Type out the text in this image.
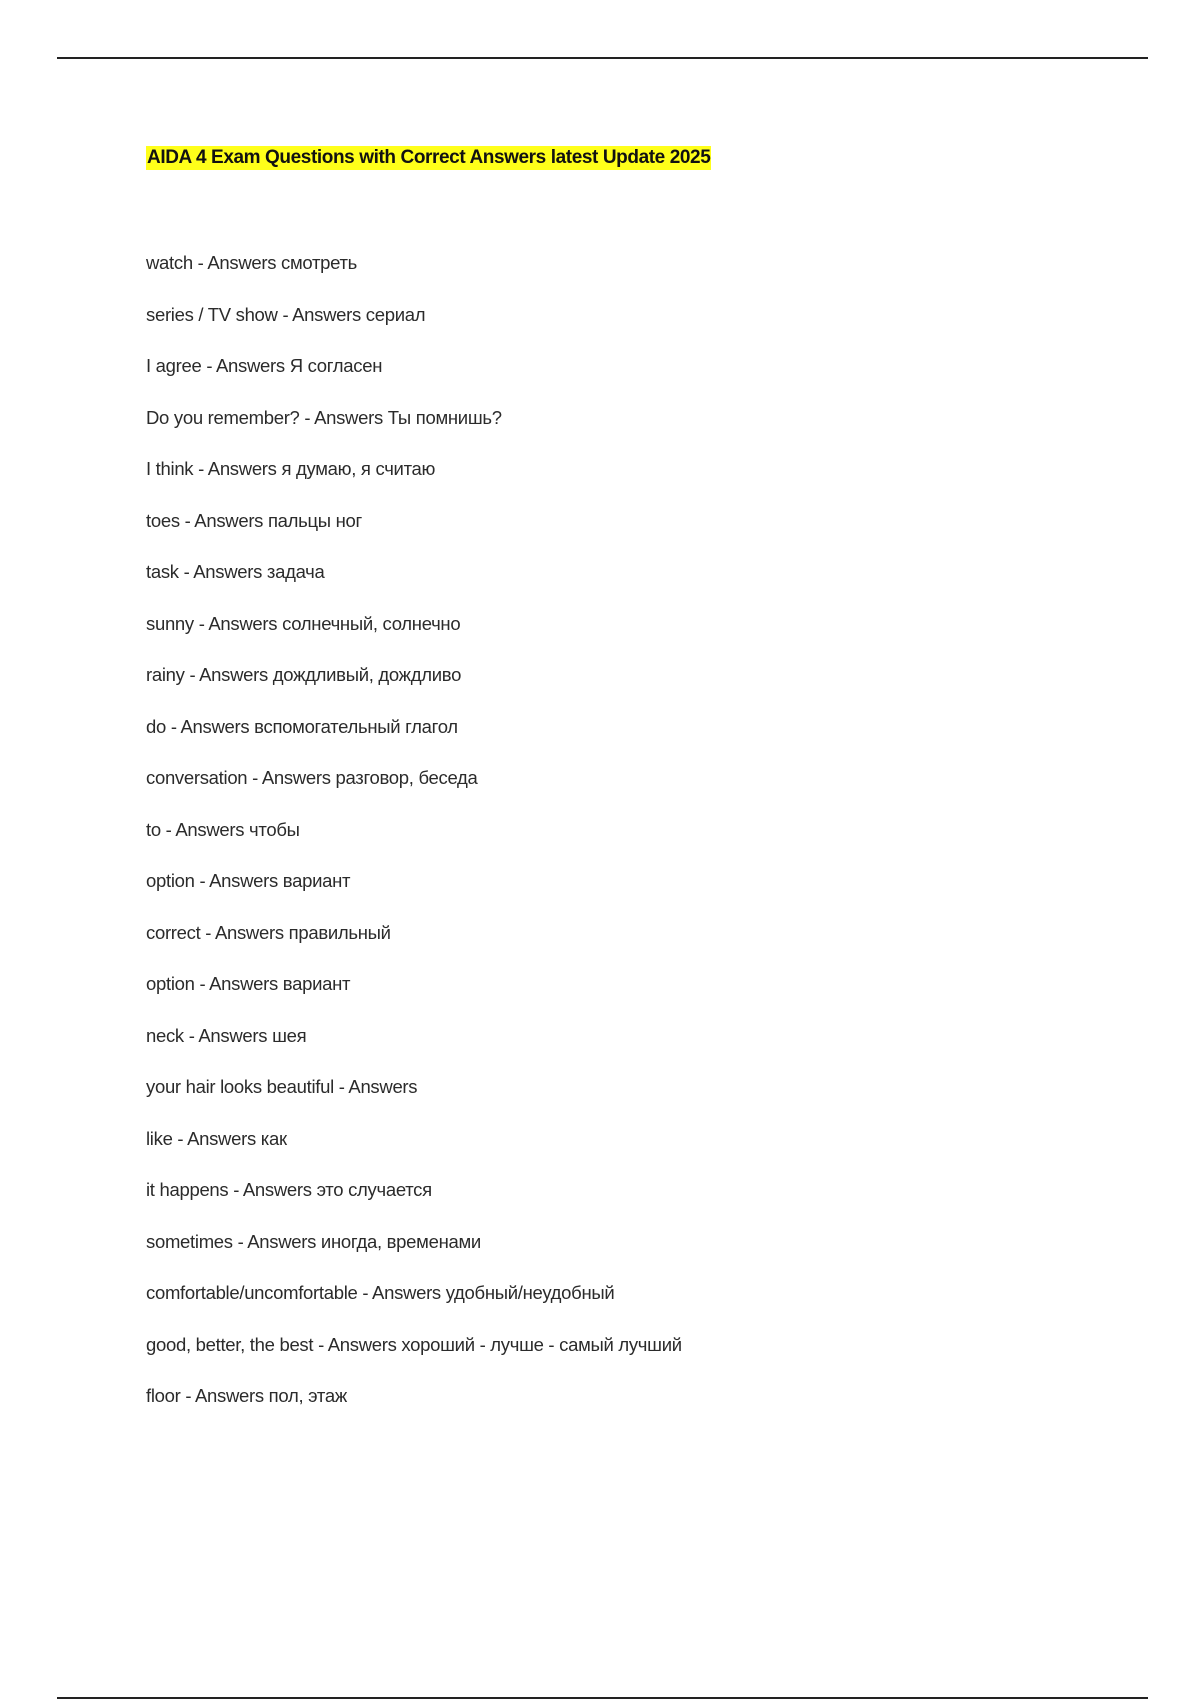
AIDA 4 Exam Questions with Correct Answers latest Update 2025
watch - Answers смотреть
series / TV show - Answers сериал
I agree - Answers Я согласен
Do you remember? - Answers Ты помнишь?
I think - Answers я думаю, я считаю
toes - Answers пальцы ног
task - Answers задача
sunny - Answers солнечный, солнечно
rainy - Answers дождливый, дождливо
do - Answers вспомогательный глагол
conversation - Answers разговор, беседа
to - Answers чтобы
option - Answers вариант
correct - Answers правильный
option - Answers вариант
neck - Answers шея
your hair looks beautiful - Answers
like - Answers как
it happens - Answers это случается
sometimes - Answers иногда, временами
comfortable/uncomfortable - Answers удобный/неудобный
good, better, the best - Answers хороший - лучше - самый лучший
floor - Answers пол, этаж
